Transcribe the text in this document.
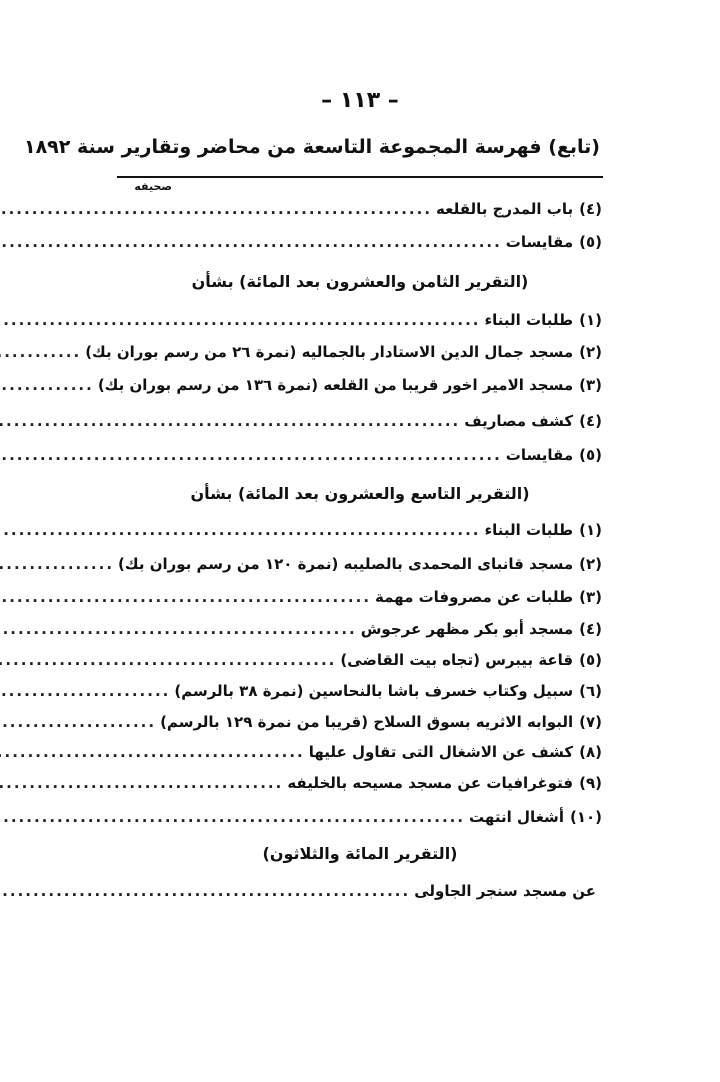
– ١١٣ –
(تابع) فهرسة المجموعة التاسعة من محاضر وتقارير سنة ١٨٩٢
صحيفه
(٤)
باب المدرج بالقلعه
.....
(٥)
مقايسات
.....
(التقرير الثامن والعشرون بعد المائة) بشأن
(١)
طلبات البناء
.....
(٢)
مسجد جمال الدين الاستادار بالجماليه (نمرة ٢٦ من رسم بوران بك)
.....
(٣)
مسجد الامير اخور قريبا من القلعه (نمرة ١٣٦ من رسم بوران بك)
.....
(٤)
كشف مصاريف
.....
(٥)
مقايسات
.....
(التقرير التاسع والعشرون بعد المائة) بشأن
(١)
طلبات البناء
.....
(٢)
مسجد قانباى المحمدى بالصليبه (نمرة ١٢٠ من رسم بوران بك)
.....
(٣)
طلبات عن مصروفات مهمة
.....
(٤)
مسجد أبو بكر مظهر عرجوش
.....
(٥)
قاعة بيبرس (تجاه بيت القاضى)
.....
(٦)
سبيل وكتاب خسرف باشا بالنحاسين (نمرة ٣٨ بالرسم)
.....
(٧)
البوابه الاثريه بسوق السلاح (قريبا من نمرة ١٢٩ بالرسم)
.....
(٨)
كشف عن الاشغال التى تقاول عليها
.....
(٩)
فتوغرافيات عن مسجد مسيحه بالخليفه
.....
(١٠)
أشغال انتهت
.....
(التقرير المائة والثلاثون)
عن مسجد سنجر الجاولى
.....
